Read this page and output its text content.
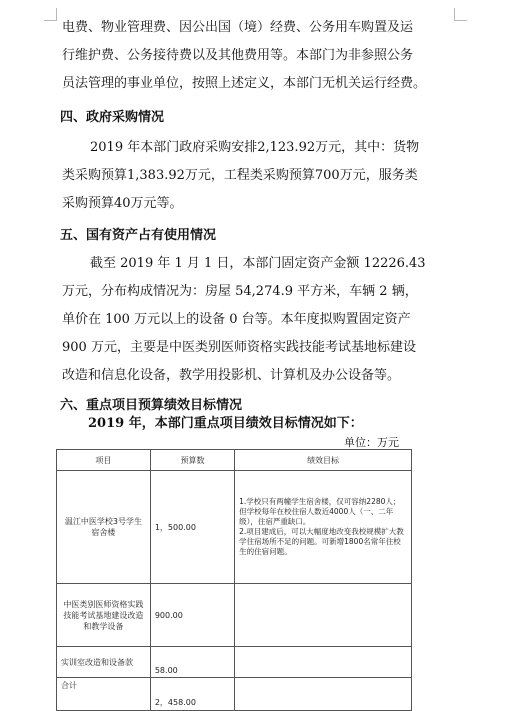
电费、物业管理费、因公出国（境）经费、公务用车购置及运
行维护费、公务接待费以及其他费用等。本部门为非参照公务
员法管理的事业单位，按照上述定义，本部门无机关运行经费。
四、政府采购情况
2019 年本部门政府采购安排2,123.92万元，其中：货物
类采购预算1,383.92万元，工程类采购预算700万元，服务类
采购预算40万元等。
五、国有资产占有使用情况
截至 2019 年 1 月 1 日，本部门固定资产金额 12226.43
万元，分布构成情况为：房屋 54,274.9 平方米，车辆 2 辆，
单价在 100 万元以上的设备 0 台等。本年度拟购置固定资产
900 万元，主要是中医类别医师资格实践技能考试基地标建设
改造和信息化设备，教学用投影机、计算机及办公设备等。
六、重点项目预算绩效目标情况
2019 年，本部门重点项目绩效目标情况如下：
单位：万元
项目	预算数	绩效目标
温江中医学校3号学生宿舍楼	1，500.00	1.学校只有两幢学生宿舍楼，仅可容纳2280人；但学校每年在校住宿人数近4000人（一、二年级），住宿严重缺口。
2.项目建成后，可以大幅度地改变我校规模扩大教学住宿场所不足的问题。可新增1800名常年住校生的住宿问题。

中医类别医师资格实践技能考试基地建设改造和教学设备	900.00	
实训室改造和设备款	58.00	
合计	2，458.00	
